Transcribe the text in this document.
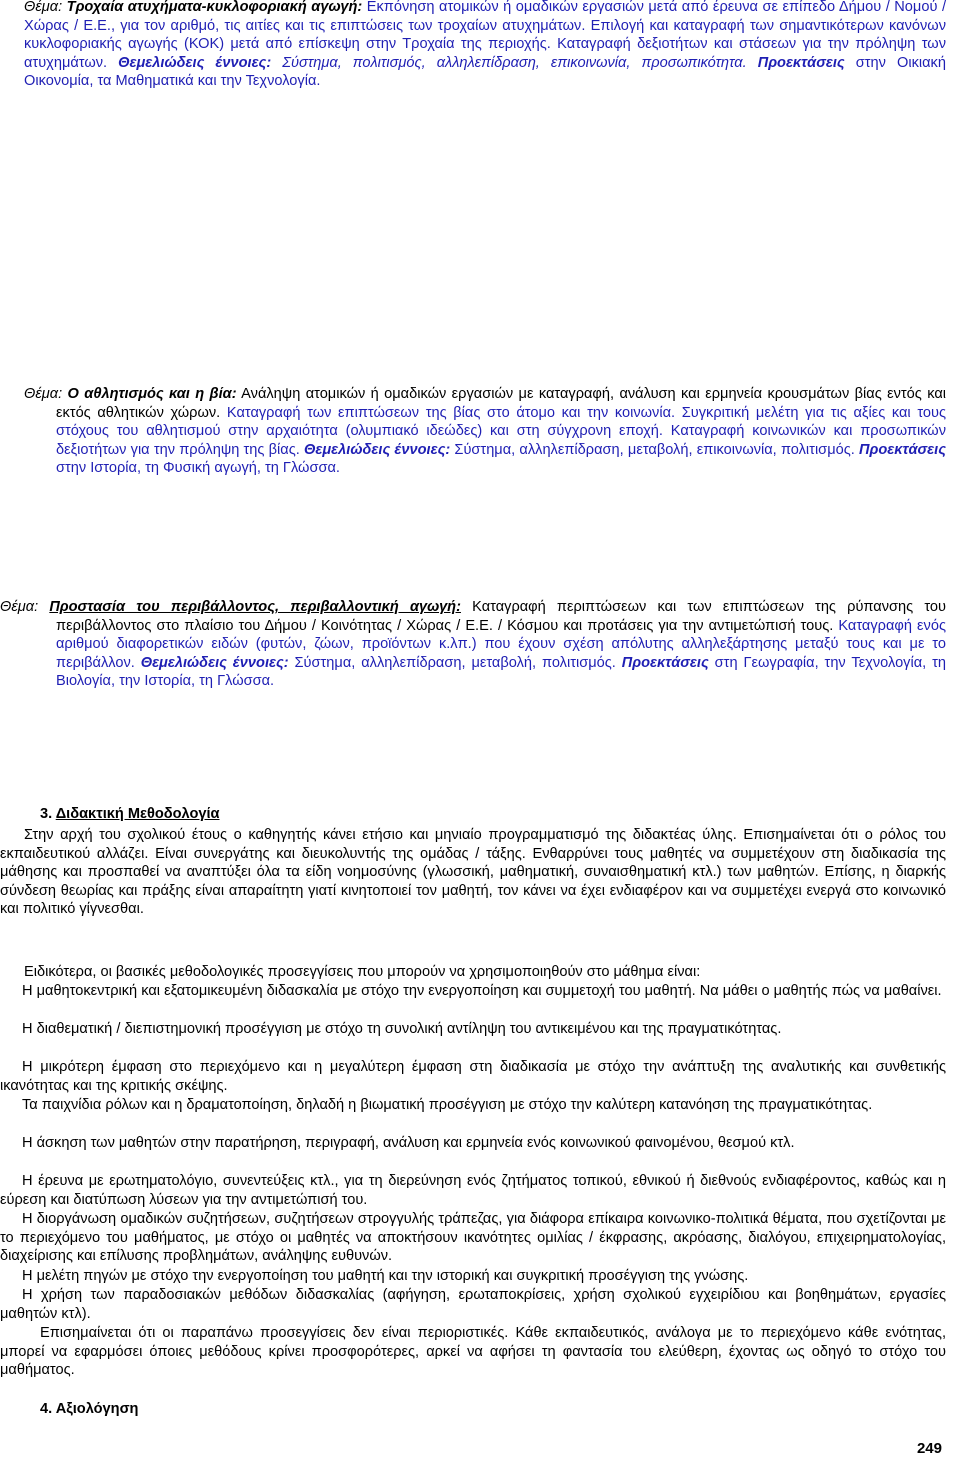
Θέμα: Τροχαία ατυχήματα-κυκλοφοριακή αγωγή: Εκπόνηση ατομικών ή ομαδικών εργασιών μετά από έρευνα σε επίπεδο Δήμου / Νομού / Χώρας / Ε.Ε., για τον αριθμό, τις αιτίες και τις επιπτώσεις των τροχαίων ατυχημάτων. Επιλογή και καταγραφή των σημαντικότερων κανόνων κυκλοφοριακής αγωγής (ΚΟΚ) μετά από επίσκεψη στην Τροχαία της περιοχής. Καταγραφή δεξιοτήτων και στάσεων για την πρόληψη των ατυχημάτων. Θεμελιώδεις έννοιες: Σύστημα, πολιτισμός, αλληλεπίδραση, επικοινωνία, προσωπικότητα. Προεκτάσεις στην Οικιακή Οικονομία, τα Μαθηματικά και την Τεχνολογία.

Θέμα: Ο αθλητισμός και η βία: Ανάληψη ατομικών ή ομαδικών εργασιών με καταγραφή, ανάλυση και ερμηνεία κρουσμάτων βίας εντός και εκτός αθλητικών χώρων. Καταγραφή των επιπτώσεων της βίας στο άτομο και την κοινωνία. Συγκριτική μελέτη για τις αξίες και τους στόχους του αθλητισμού στην αρχαιότητα (ολυμπιακό ιδεώδες) και στη σύγχρονη εποχή. Καταγραφή κοινωνικών και προσωπικών δεξιοτήτων για την πρόληψη της βίας. Θεμελιώδεις έννοιες: Σύστημα, αλληλεπίδραση, μεταβολή, επικοινωνία, πολιτισμός. Προεκτάσεις στην Ιστορία, τη Φυσική αγωγή, τη Γλώσσα.

Θέμα: Προστασία του περιβάλλοντος, περιβαλλοντική αγωγή: Καταγραφή περιπτώσεων και των επιπτώσεων της ρύπανσης του περιβάλλοντος στο πλαίσιο του Δήμου / Κοινότητας / Χώρας / Ε.Ε. / Κόσμου και προτάσεις για την αντιμετώπισή τους. Καταγραφή ενός αριθμού διαφορετικών ειδών (φυτών, ζώων, προϊόντων κ.λπ.) που έχουν σχέση απόλυτης αλληλεξάρτησης μεταξύ τους και με το περιβάλλον. Θεμελιώδεις έννοιες: Σύστημα, αλληλεπίδραση, μεταβολή, πολιτισμός. Προεκτάσεις στη Γεωγραφία, την Τεχνολογία, τη Βιολογία, την Ιστορία, τη Γλώσσα.

3. Διδακτική Μεθοδολογία

Στην αρχή του σχολικού έτους ο καθηγητής κάνει ετήσιο και μηνιαίο προγραμματισμό της διδακτέας ύλης. Επισημαίνεται ότι ο ρόλος του εκπαιδευτικού αλλάζει. Είναι συνεργάτης και διευκολυντής της ομάδας / τάξης. Ενθαρρύνει τους μαθητές να συμμετέχουν στη διαδικασία της μάθησης και προσπαθεί να αναπτύξει όλα τα είδη νοημοσύνης (γλωσσική, μαθηματική, συναισθηματική κτλ.) των μαθητών. Επίσης, η διαρκής σύνδεση θεωρίας και πράξης είναι απαραίτητη γιατί κινητοποιεί τον μαθητή, τον κάνει να έχει ενδιαφέρον και να συμμετέχει ενεργά στο κοινωνικό και πολιτικό γίγνεσθαι.

Ειδικότερα, οι βασικές μεθοδολογικές προσεγγίσεις που μπορούν να χρησιμοποιηθούν στο μάθημα είναι:

Η μαθητοκεντρική και εξατομικευμένη διδασκαλία με στόχο την ενεργοποίηση και συμμετοχή του μαθητή. Να μάθει ο μαθητής πώς να μαθαίνει.
Η διαθεματική / διεπιστημονική προσέγγιση με στόχο τη συνολική αντίληψη του αντικειμένου και της πραγματικότητας.
Η μικρότερη έμφαση στο περιεχόμενο και η μεγαλύτερη έμφαση στη διαδικασία με στόχο την ανάπτυξη της αναλυτικής και συνθετικής ικανότητας και της κριτικής σκέψης.
Τα παιχνίδια ρόλων και η δραματοποίηση, δηλαδή η βιωματική προσέγγιση με στόχο την καλύτερη κατανόηση της πραγματικότητας.
Η άσκηση των μαθητών στην παρατήρηση, περιγραφή, ανάλυση και ερμηνεία ενός κοινωνικού φαινομένου, θεσμού κτλ.
Η έρευνα με ερωτηματολόγιο, συνεντεύξεις κτλ., για τη διερεύνηση ενός ζητήματος τοπικού, εθνικού ή διεθνούς ενδιαφέροντος, καθώς και η εύρεση και διατύπωση λύσεων για την αντιμετώπισή του.
Η διοργάνωση ομαδικών συζητήσεων, συζητήσεων στρογγυλής τράπεζας, για διάφορα επίκαιρα κοινωνικο-πολιτικά θέματα, που σχετίζονται με το περιεχόμενο του μαθήματος, με στόχο οι μαθητές να αποκτήσουν ικανότητες ομιλίας / έκφρασης, ακρόασης, διαλόγου, επιχειρηματολογίας, διαχείρισης και επίλυσης προβλημάτων, ανάληψης ευθυνών.
Η μελέτη πηγών με στόχο την ενεργοποίηση του μαθητή και την ιστορική και συγκριτική προσέγγιση της γνώσης.
Η χρήση των παραδοσιακών μεθόδων διδασκαλίας (αφήγηση, ερωταποκρίσεις, χρήση σχολικού εγχειρίδιου και βοηθημάτων, εργασίες μαθητών κτλ).

Επισημαίνεται ότι οι παραπάνω προσεγγίσεις δεν είναι περιοριστικές. Κάθε εκπαιδευτικός, ανάλογα με το περιεχόμενο κάθε ενότητας, μπορεί να εφαρμόσει όποιες μεθόδους κρίνει προσφορότερες, αρκεί να αφήσει τη φαντασία του ελεύθερη, έχοντας ως οδηγό το στόχο του μαθήματος.

4. Αξιολόγηση
249
